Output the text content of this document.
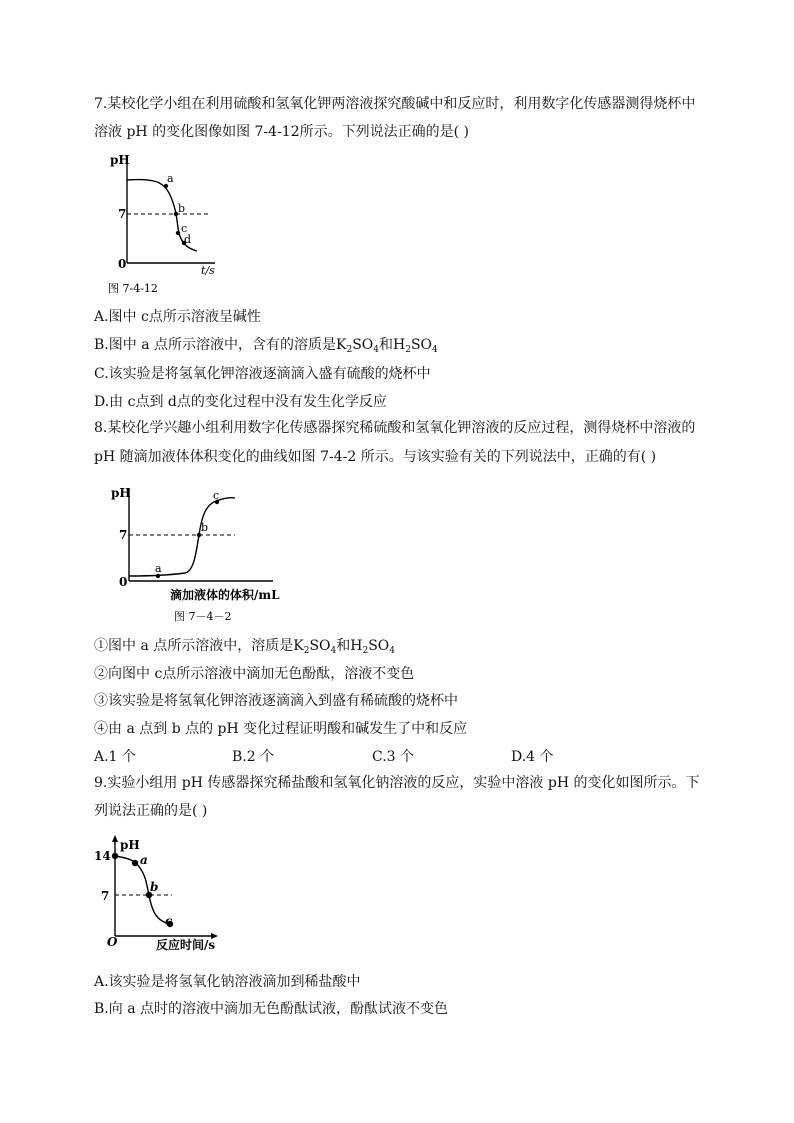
7.某校化学小组在利用硫酸和氢氧化钾两溶液探究酸碱中和反应时，利用数字化传感器测得烧杯中
溶液 pH 的变化图像如图 7-4-12所示。下列说法正确的是( )
pH
7
0	t/s
a
b
c
d
图 7-4-12
A.图中 c点所示溶液呈碱性
B.图中 a 点所示溶液中，含有的溶质是$K_2SO_4$和$H_2SO_4$
C.该实验是将氢氧化钾溶液逐滴滴入盛有硫酸的烧杯中
D.由 c点到 d点的变化过程中没有发生化学反应
8.某校化学兴趣小组利用数字化传感器探究稀硫酸和氢氧化钾溶液的反应过程，测得烧杯中溶液的
pH 随滴加液体体积变化的曲线如图 7-4-2 所示。与该实验有关的下列说法中，正确的有( )
pH
7
0
a
b
c
滴加液体的体积/mL
图 7－4－2
①图中 a 点所示溶液中，溶质是$K_2SO_4$和$H_2SO_4$
②向图中 c点所示溶液中滴加无色酚酞，溶液不变色
③该实验是将氢氧化钾溶液逐滴滴入到盛有稀硫酸的烧杯中
④由 a 点到 b 点的 pH 变化过程证明酸和碱发生了中和反应
A.1 个	B.2 个	C.3 个	D.4 个
9.实验小组用 pH 传感器探究稀盐酸和氢氧化钠溶液的反应，实验中溶液 pH 的变化如图所示。下
列说法正确的是( )
pH
14
7
O
a
b
c
反应时间/s
A.该实验是将氢氧化钠溶液滴加到稀盐酸中
B.向 a 点时的溶液中滴加无色酚酞试液，酚酞试液不变色
